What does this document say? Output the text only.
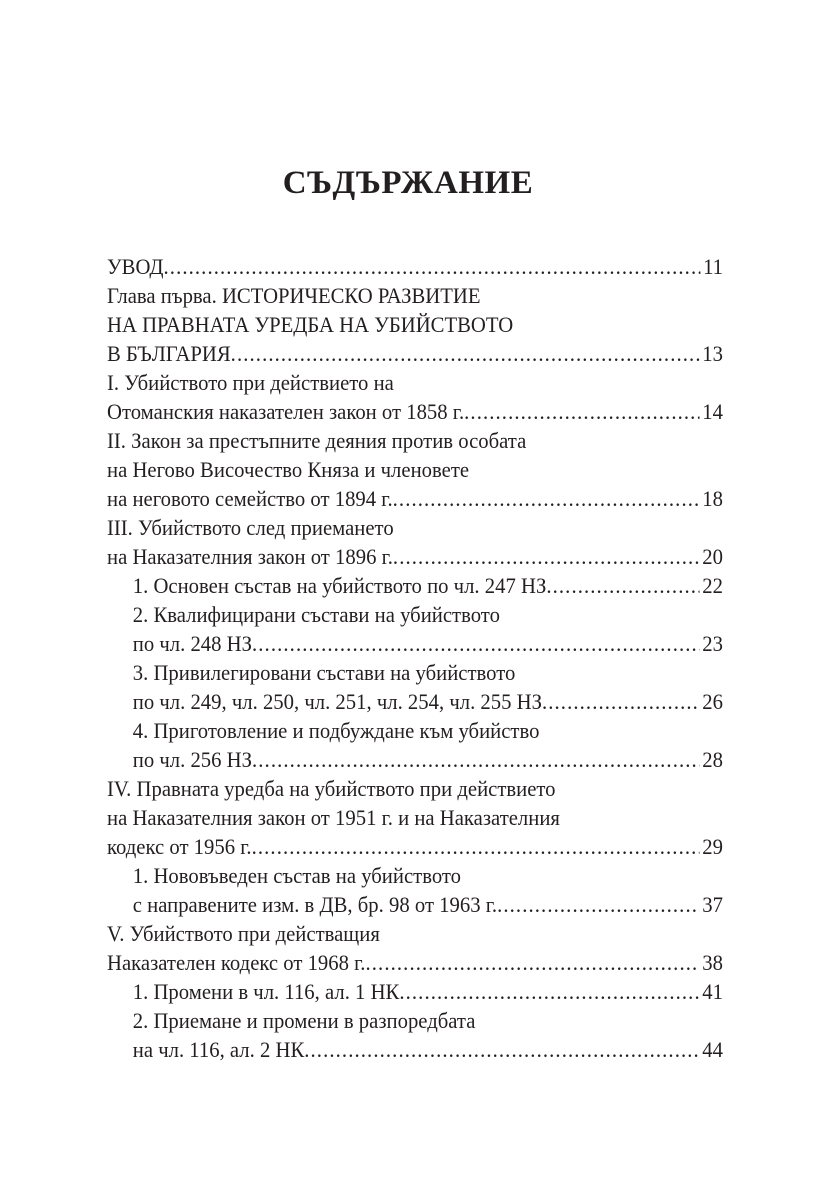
СЪДЪРЖАНИЕ
УВОД .....	11
Глава първа. ИСТОРИЧЕСКО РАЗВИТИЕ
НА ПРАВНАТА УРЕДБА НА УБИЙСТВОТО
В БЪЛГАРИЯ .....	13
I. Убийството при действието на
Отоманския наказателен закон от 1858 г. .....	14
II. Закон за престъпните деяния против особата
на Негово Височество Княза и членовете
на неговото семейство от 1894 г. .....	18
III. Убийството след приемането
на Наказателния закон от 1896 г. .....	20
1. Основен състав на убийството по чл. 247 НЗ .....	22
2. Квалифицирани състави на убийството
по чл. 248 НЗ .....	23
3. Привилегировани състави на убийството
по чл. 249, чл. 250, чл. 251, чл. 254, чл. 255 НЗ .....	26
4. Приготовление и подбуждане към убийство
по чл. 256 НЗ .....	28
IV. Правната уредба на убийството при действието
на Наказателния закон от 1951 г. и на Наказателния
кодекс от 1956 г. .....	29
1. Нововъведен състав на убийството
с направените изм. в ДВ, бр. 98 от 1963 г. .....	37
V. Убийството при действащия
Наказателен кодекс от 1968 г. .....	38
1. Промени в чл. 116, ал. 1 НК .....	41
2. Приемане и промени в разпоредбата
на чл. 116, ал. 2 НК .....	44
